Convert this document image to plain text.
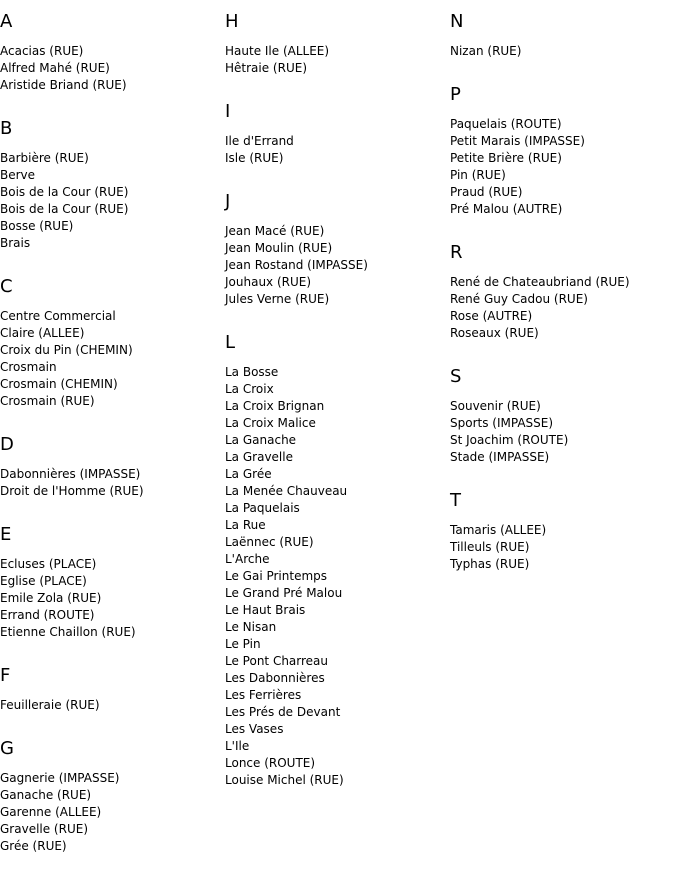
A
Acacias (RUE)
Alfred Mahé (RUE)
Aristide Briand (RUE)
B
Barbière (RUE)
Berve
Bois de la Cour (RUE)
Bois de la Cour (RUE)
Bosse (RUE)
Brais
C
Centre Commercial
Claire (ALLEE)
Croix du Pin (CHEMIN)
Crosmain
Crosmain (CHEMIN)
Crosmain (RUE)
D
Dabonnières (IMPASSE)
Droit de l'Homme (RUE)
E
Ecluses (PLACE)
Eglise (PLACE)
Emile Zola (RUE)
Errand (ROUTE)
Etienne Chaillon (RUE)
F
Feuilleraie (RUE)
G
Gagnerie (IMPASSE)
Ganache (RUE)
Garenne (ALLEE)
Gravelle (RUE)
Grée (RUE)
H
Haute Ile (ALLEE)
Hêtraie (RUE)
I
Ile d'Errand
Isle (RUE)
J
Jean Macé (RUE)
Jean Moulin (RUE)
Jean Rostand (IMPASSE)
Jouhaux (RUE)
Jules Verne (RUE)
L
La Bosse
La Croix
La Croix Brignan
La Croix Malice
La Ganache
La Gravelle
La Grée
La Menée Chauveau
La Paquelais
La Rue
Laënnec (RUE)
L'Arche
Le Gai Printemps
Le Grand Pré Malou
Le Haut Brais
Le Nisan
Le Pin
Le Pont Charreau
Les Dabonnières
Les Ferrières
Les Prés de Devant
Les Vases
L'Ile
Lonce (ROUTE)
Louise Michel (RUE)
N
Nizan (RUE)
P
Paquelais (ROUTE)
Petit Marais (IMPASSE)
Petite Brière (RUE)
Pin (RUE)
Praud (RUE)
Pré Malou (AUTRE)
R
René de Chateaubriand (RUE)
René Guy Cadou (RUE)
Rose (AUTRE)
Roseaux (RUE)
S
Souvenir (RUE)
Sports (IMPASSE)
St Joachim (ROUTE)
Stade (IMPASSE)
T
Tamaris (ALLEE)
Tilleuls (RUE)
Typhas (RUE)
